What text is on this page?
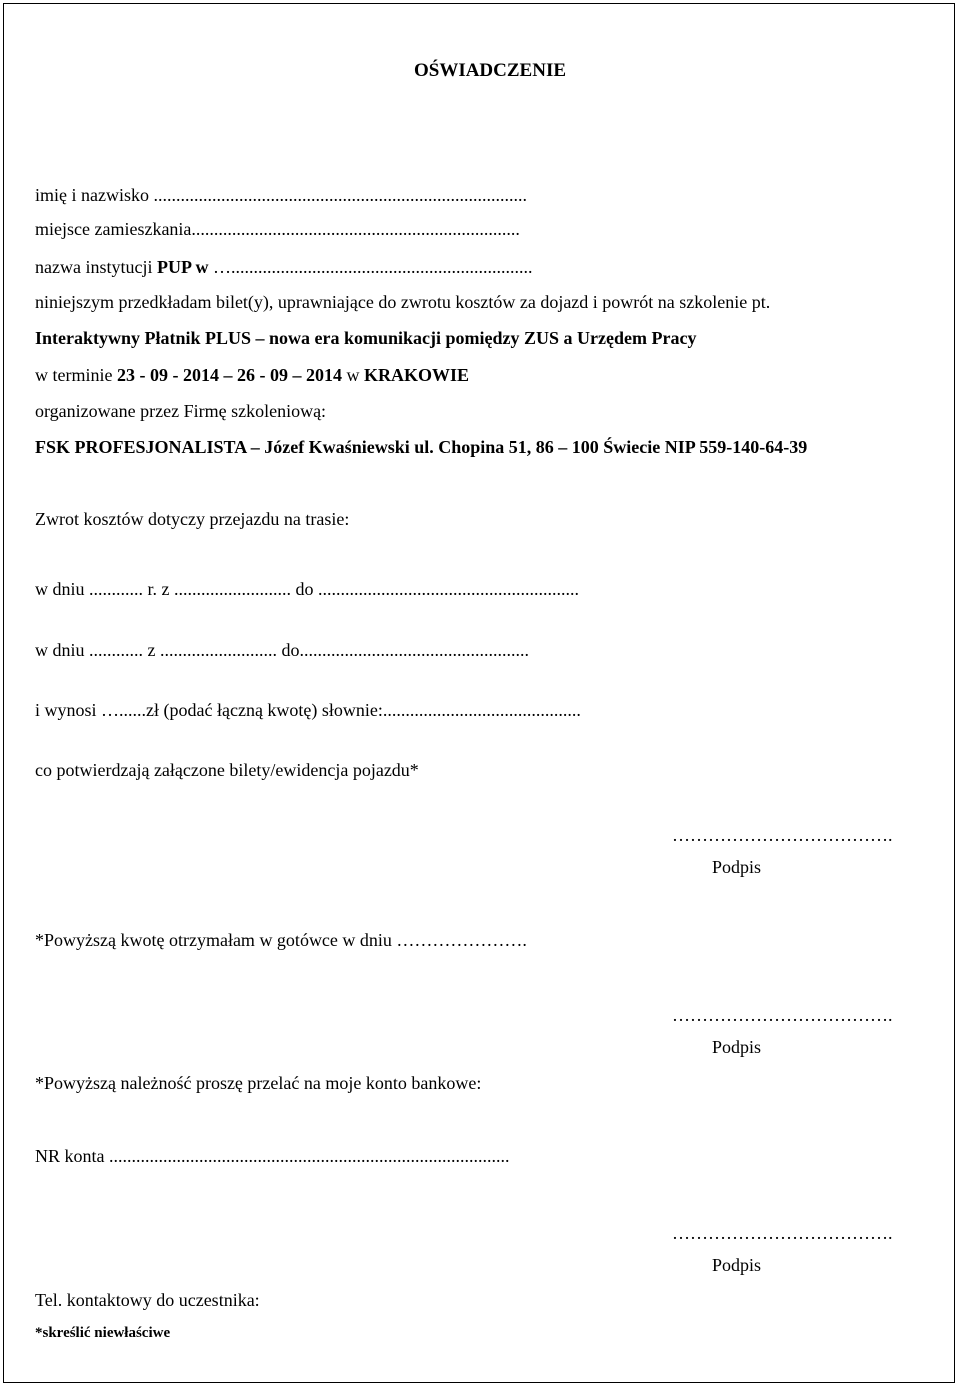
OŚWIADCZENIE
imię i nazwisko ...................................................................................
miejsce zamieszkania.........................................................................
nazwa instytucji PUP w …...................................................................
niniejszym przedkładam bilet(y), uprawniające do zwrotu kosztów za dojazd i powrót na szkolenie pt.
Interaktywny Płatnik PLUS – nowa era komunikacji pomiędzy ZUS a Urzędem Pracy
w terminie 23 - 09 - 2014 – 26 - 09 – 2014 w KRAKOWIE
organizowane przez Firmę szkoleniową:
FSK PROFESJONALISTA – Józef Kwaśniewski ul. Chopina 51, 86 – 100 Świecie NIP 559-140-64-39
Zwrot kosztów dotyczy przejazdu na trasie:
w dniu ............ r. z .......................... do ..........................................................
w dniu ............ z .......................... do...................................................
i wynosi …......zł (podać łączną kwotę) słownie:............................................
co potwierdzają załączone bilety/ewidencja pojazdu*
……………………………….
Podpis
*Powyższą kwotę otrzymałam w gotówce w dniu ………………….
……………………………….
Podpis
*Powyższą należność proszę przelać na moje konto bankowe:
NR konta .........................................................................................
……………………………….
Podpis
Tel. kontaktowy do uczestnika:
*skreślić niewłaściwe
